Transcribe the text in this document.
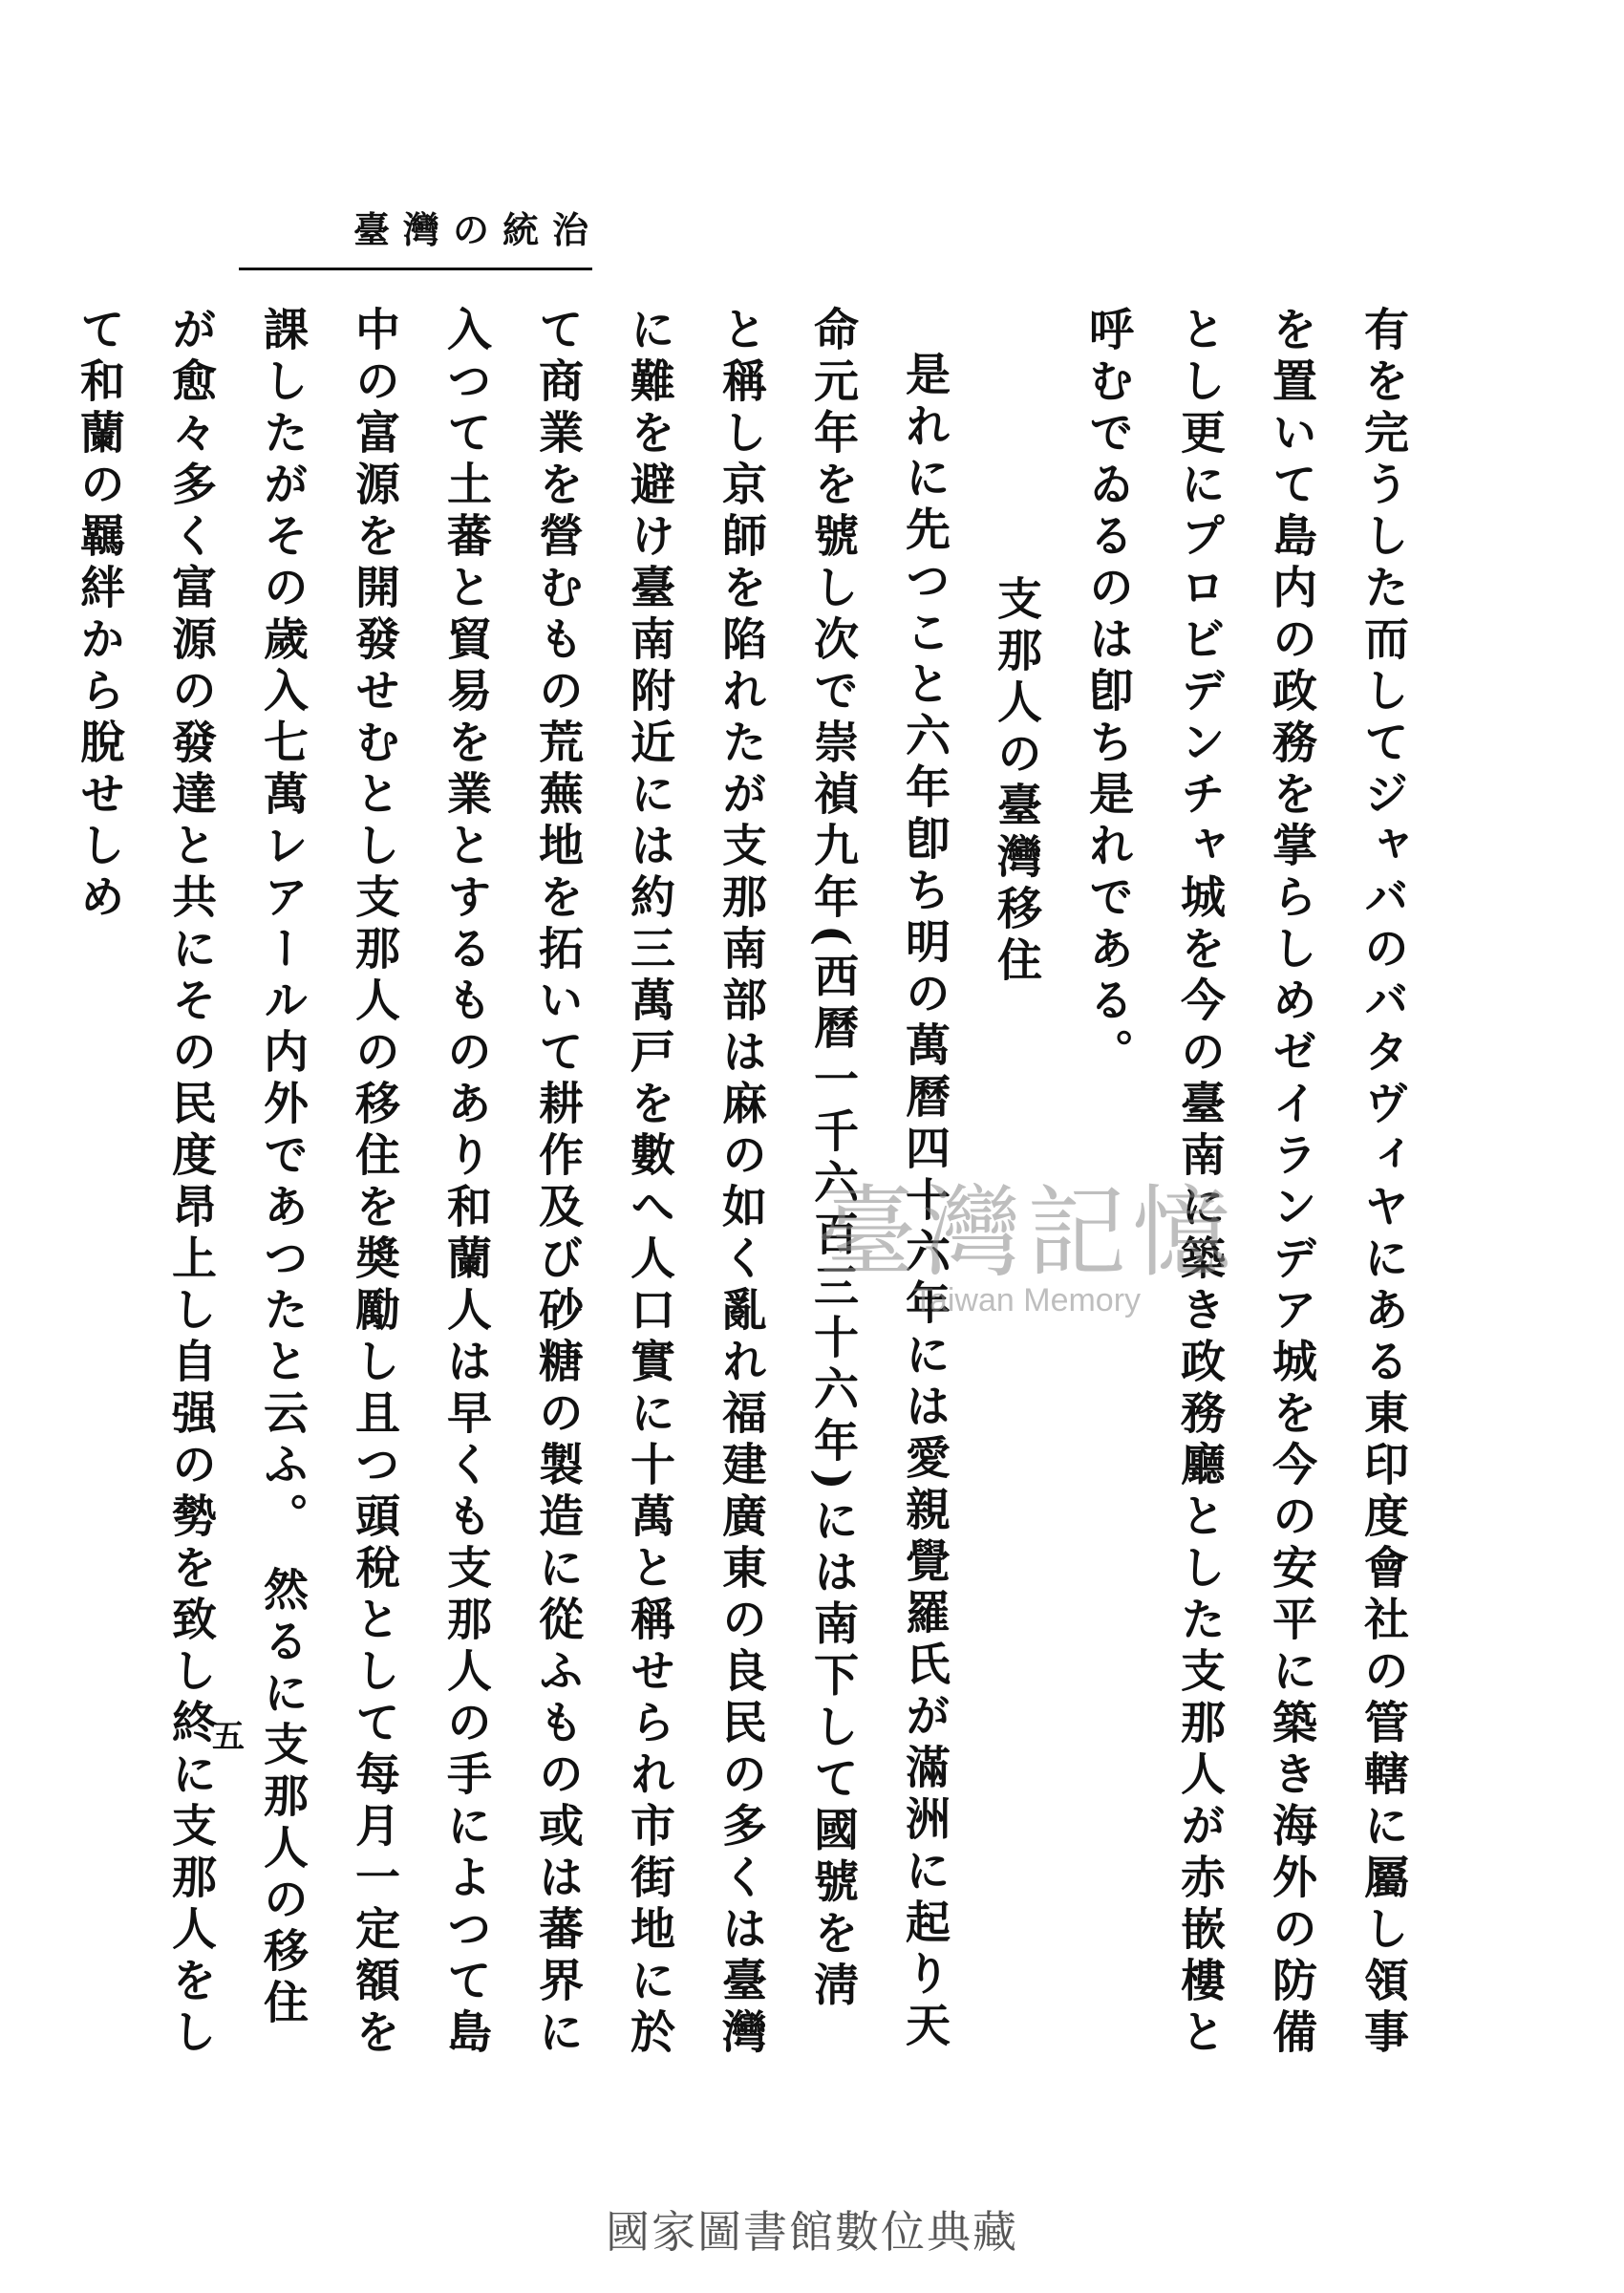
臺灣の統治

有を完うした而してジャバのバタヴィヤにある東印度會社の管轄に屬し領事を置いて島内の政務を掌らしめゼイランデア城を今の安平に築き海外の防備とし更にプロビデンチャ城を今の臺南に築き政務廳とした支那人が赤嵌樓と呼むでゐるのは卽ち是れである。

支那人の臺灣移住

是れに先つこと六年卽ち明の萬曆四十六年には愛親覺羅氏が滿洲に起り天命元年を號し次で崇禎九年(西曆一千六百三十六年)には南下して國號を淸と稱し京師を陷れたが支那南部は麻の如く亂れ福建廣東の良民の多くは臺灣に難を避け臺南附近には約三萬戸を數へ人口實に十萬と稱せられ市街地に於て商業を營むもの荒蕪地を拓いて耕作及び砂糖の製造に從ふもの或は蕃界に入つて土蕃と貿易を業とするものあり和蘭人は早くも支那人の手によつて島中の富源を開發せむとし支那人の移住を奬勵し且つ頭稅として每月一定額を課したがその歲入七萬レアール内外であつたと云ふ。 然るに支那人の移住が愈々多く富源の發達と共にその民度昂上し自强の勢を致し終に支那人をして和蘭の羈絆から脫せしめ

五
臺灣記憶
Taiwan Memory
國家圖書館數位典藏
